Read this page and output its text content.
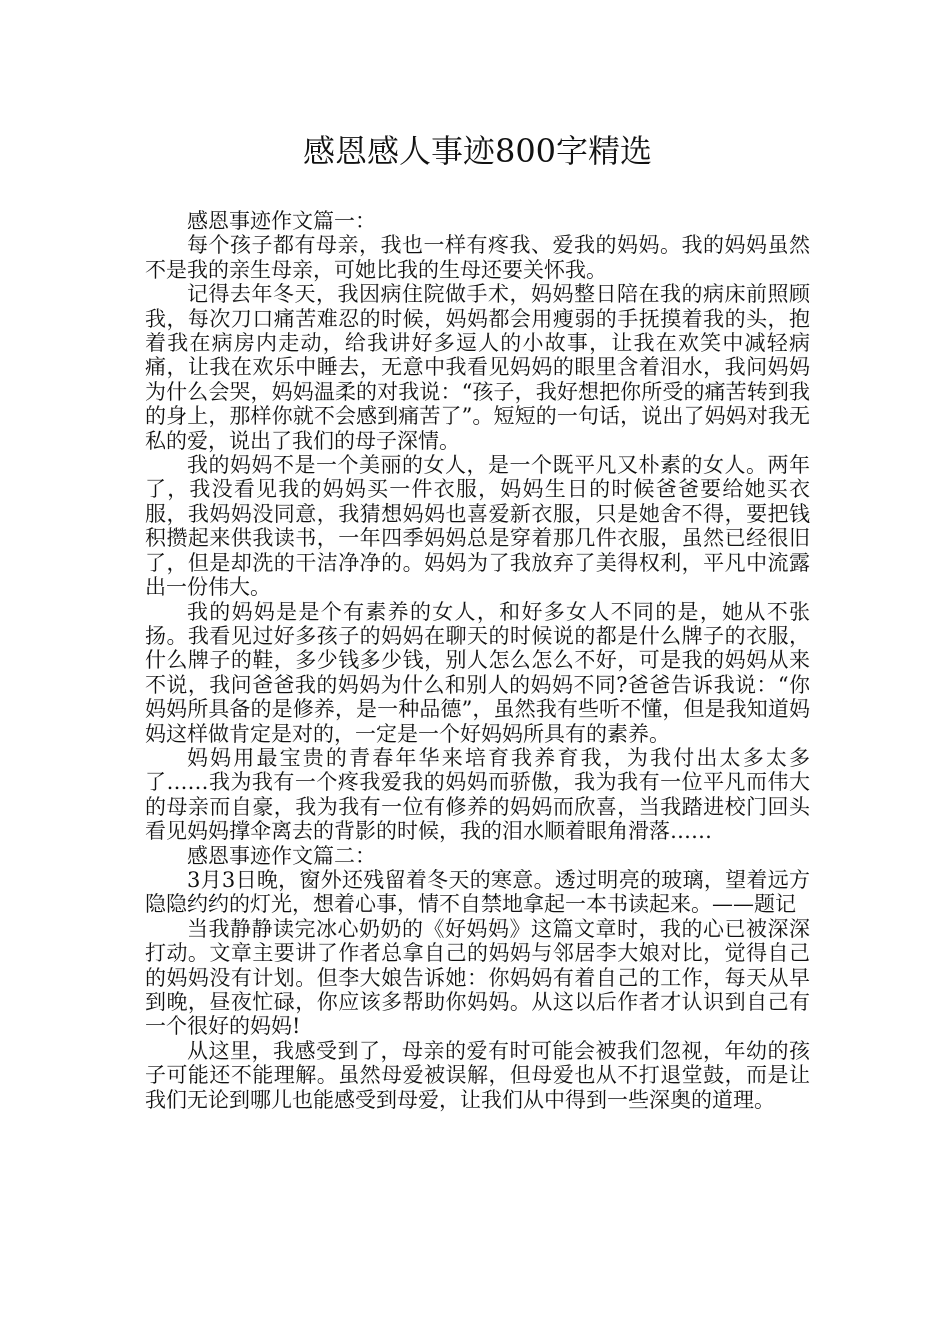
感恩感人事迹800字精选

感恩事迹作文篇一：

每个孩子都有母亲，我也一样有疼我、爱我的妈妈。我的妈妈虽然不是我的亲生母亲，可她比我的生母还要关怀我。

记得去年冬天，我因病住院做手术，妈妈整日陪在我的病床前照顾我，每次刀口痛苦难忍的时候，妈妈都会用瘦弱的手抚摸着我的头，抱着我在病房内走动，给我讲好多逗人的小故事，让我在欢笑中减轻病痛，让我在欢乐中睡去，无意中我看见妈妈的眼里含着泪水，我问妈妈为什么会哭，妈妈温柔的对我说：“孩子，我好想把你所受的痛苦转到我的身上，那样你就不会感到痛苦了”。短短的一句话，说出了妈妈对我无私的爱，说出了我们的母子深情。

我的妈妈不是一个美丽的女人，是一个既平凡又朴素的女人。两年了，我没看见我的妈妈买一件衣服，妈妈生日的时候爸爸要给她买衣服，我妈妈没同意，我猜想妈妈也喜爱新衣服，只是她舍不得，要把钱积攒起来供我读书，一年四季妈妈总是穿着那几件衣服，虽然已经很旧了，但是却洗的干洁净净的。妈妈为了我放弃了美得权利，平凡中流露出一份伟大。

我的妈妈是是个有素养的女人，和好多女人不同的是，她从不张扬。我看见过好多孩子的妈妈在聊天的时候说的都是什么牌子的衣服，什么牌子的鞋，多少钱多少钱，别人怎么怎么不好，可是我的妈妈从来不说，我问爸爸我的妈妈为什么和别人的妈妈不同?爸爸告诉我说：“你妈妈所具备的是修养，是一种品德”，虽然我有些听不懂，但是我知道妈妈这样做肯定是对的，一定是一个好妈妈所具有的素养。

妈妈用最宝贵的青春年华来培育我养育我，为我付出太多太多了……我为我有一个疼我爱我的妈妈而骄傲，我为我有一位平凡而伟大的母亲而自豪，我为我有一位有修养的妈妈而欣喜，当我踏进校门回头看见妈妈撑伞离去的背影的时候，我的泪水顺着眼角滑落……

感恩事迹作文篇二：

3月3日晚，窗外还残留着冬天的寒意。透过明亮的玻璃，望着远方隐隐约约的灯光，想着心事，情不自禁地拿起一本书读起来。——题记

当我静静读完冰心奶奶的《好妈妈》这篇文章时，我的心已被深深打动。文章主要讲了作者总拿自己的妈妈与邻居李大娘对比，觉得自己的妈妈没有计划。但李大娘告诉她：你妈妈有着自己的工作，每天从早到晚，昼夜忙碌，你应该多帮助你妈妈。从这以后作者才认识到自己有一个很好的妈妈!

从这里，我感受到了，母亲的爱有时可能会被我们忽视，年幼的孩子可能还不能理解。虽然母爱被误解，但母爱也从不打退堂鼓，而是让我们无论到哪儿也能感受到母爱，让我们从中得到一些深奥的道理。
